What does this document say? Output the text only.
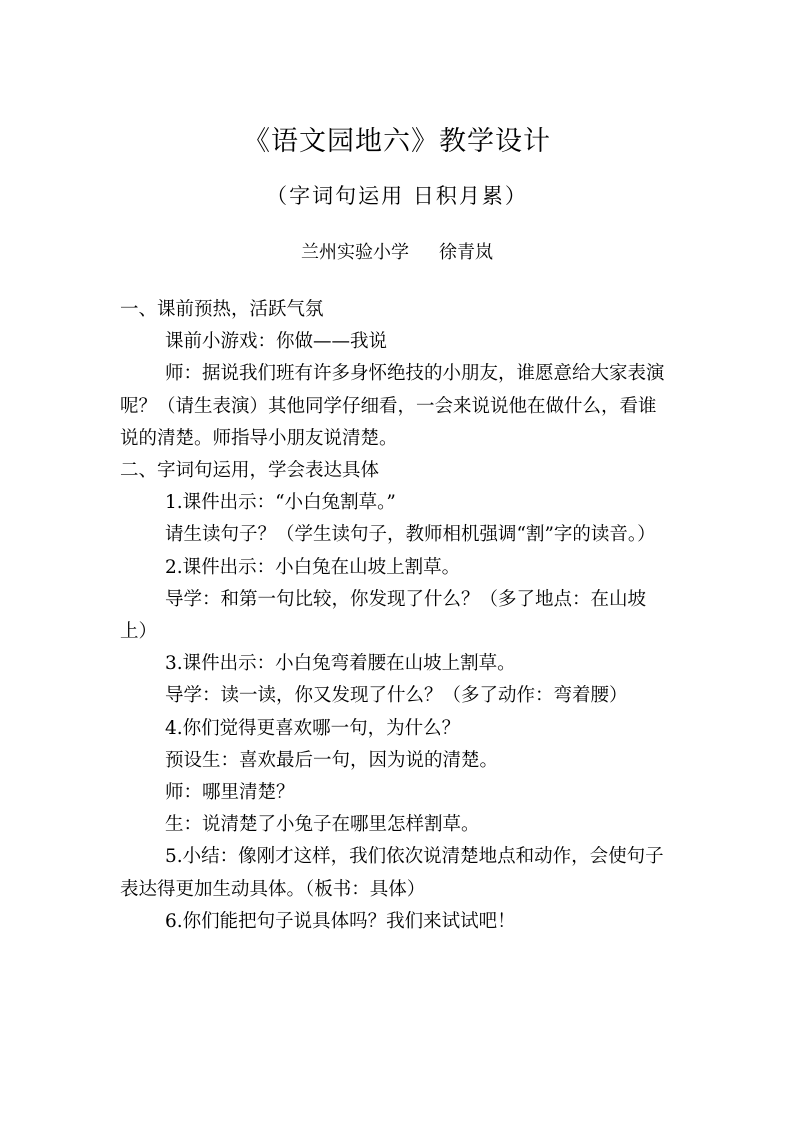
《语文园地六》教学设计
（字词句运用 日积月累）
兰州实验小学 徐青岚

一、课前预热，活跃气氛

课前小游戏：你做——我说

师：据说我们班有许多身怀绝技的小朋友，谁愿意给大家表演呢？（请生表演）其他同学仔细看，一会来说说他在做什么，看谁说的清楚。师指导小朋友说清楚。

二、字词句运用，学会表达具体

1.课件出示：“小白兔割草。”

请生读句子？（学生读句子，教师相机强调“割”字的读音。）

2.课件出示：小白兔在山坡上割草。

导学：和第一句比较，你发现了什么？（多了地点：在山坡上）

3.课件出示：小白兔弯着腰在山坡上割草。

导学：读一读，你又发现了什么？（多了动作：弯着腰）

4.你们觉得更喜欢哪一句，为什么？

预设生：喜欢最后一句，因为说的清楚。

师：哪里清楚？

生：说清楚了小兔子在哪里怎样割草。

5.小结：像刚才这样，我们依次说清楚地点和动作，会使句子表达得更加生动具体。（板书：具体）

6.你们能把句子说具体吗？我们来试试吧！
